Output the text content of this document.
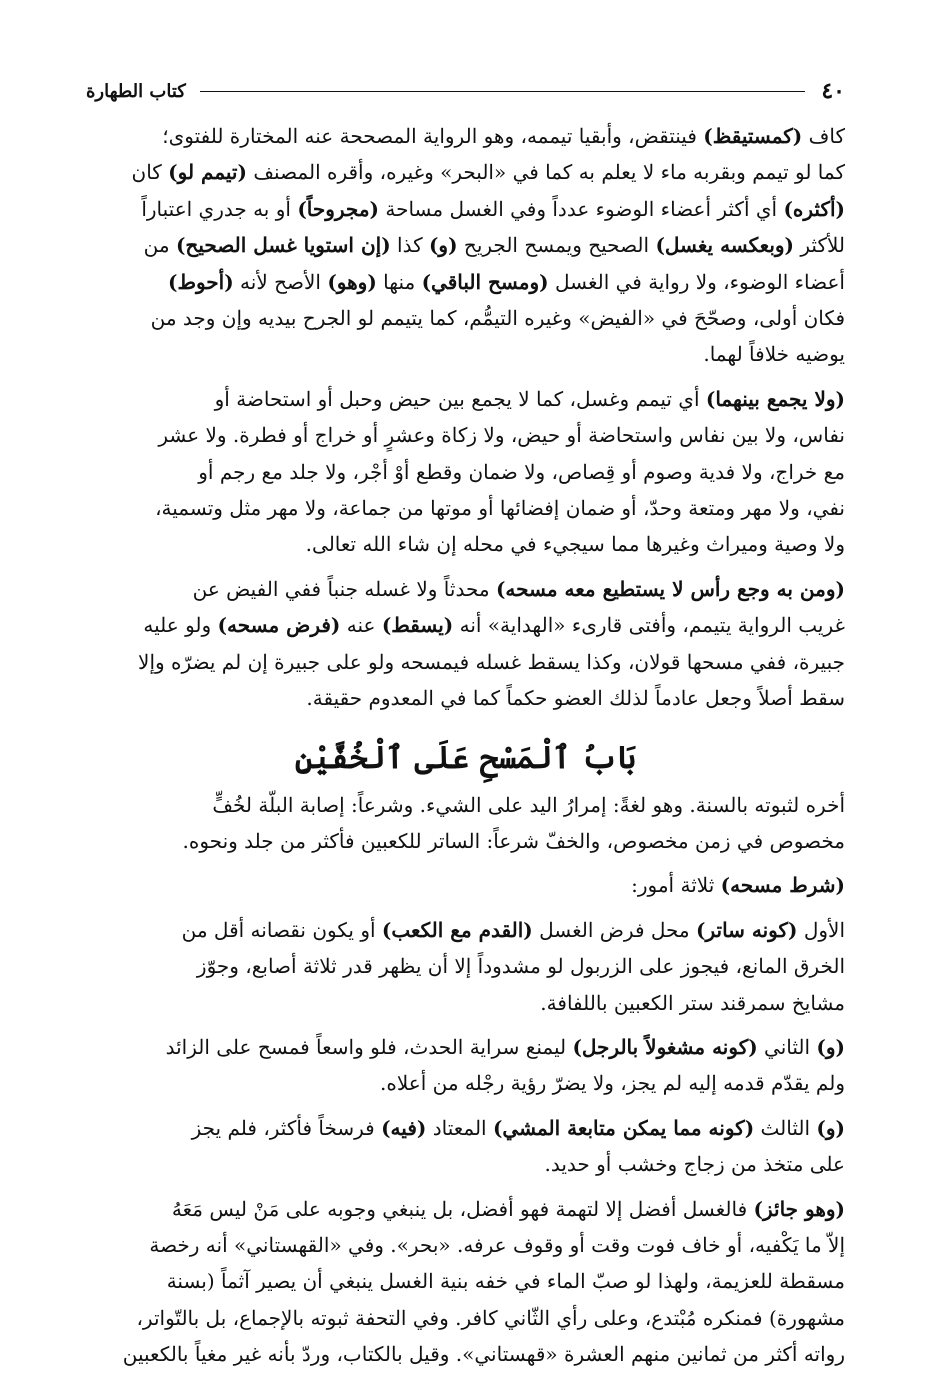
٤٠
كتاب الطهارة
كاف (كمستيقظ) فينتقض، وأبقيا تيممه، وهو الرواية المصححة عنه المختارة للفتوى؛
كما لو تيمم وبقربه ماء لا يعلم به كما في «البحر» وغيره، وأقره المصنف (تيمم لو) كان
(أكثره) أي أكثر أعضاء الوضوء عدداً وفي الغسل مساحة (مجروحاً) أو به جدري اعتباراً
للأكثر (وبعكسه يغسل) الصحيح ويمسح الجريح (و) كذا (إن استويا غسل الصحيح) من
أعضاء الوضوء، ولا رواية في الغسل (ومسح الباقي) منها (وهو) الأصح لأنه (أحوط)
فكان أولى، وصحّحَ في «الفيض» وغيره التيمُّم، كما يتيمم لو الجرح بيديه وإن وجد من
يوضيه خلافاً لهما.
(ولا يجمع بينهما) أي تيمم وغسل، كما لا يجمع بين حيض وحبل أو استحاضة أو
نفاس، ولا بين نفاس واستحاضة أو حيض، ولا زكاة وعشرٍ أو خراج أو فطرة. ولا عشر
مع خراج، ولا فدية وصوم أو قِصاص، ولا ضمان وقطع أوْ أجْر، ولا جلد مع رجم أو
نفي، ولا مهر ومتعة وحدّ، أو ضمان إفضائها أو موتها من جماعة، ولا مهر مثل وتسمية،
ولا وصية وميراث وغيرها مما سيجيء في محله إن شاء الله تعالى.
(ومن به وجع رأس لا يستطيع معه مسحه) محدثاً ولا غسله جنباً ففي الفيض عن
غريب الرواية يتيمم، وأفتى قارىء «الهداية» أنه (يسقط) عنه (فرض مسحه) ولو عليه
جبيرة، ففي مسحها قولان، وكذا يسقط غسله فيمسحه ولو على جبيرة إن لم يضرّه وإلا
سقط أصلاً وجعل عادماً لذلك العضو حكماً كما في المعدوم حقيقة.
بَابُ ٱلْمَسْحِ عَلَى ٱلْخُفَّيْنِ
أخره لثبوته بالسنة. وهو لغةً: إمرارُ اليد على الشيء. وشرعاً: إصابة البلّة لخُفٍّ
مخصوص في زمن مخصوص، والخفّ شرعاً: الساتر للكعبين فأكثر من جلد ونحوه.
(شرط مسحه) ثلاثة أمور:
الأول (كونه ساتر) محل فرض الغسل (القدم مع الكعب) أو يكون نقصانه أقل من
الخرق المانع، فيجوز على الزربول لو مشدوداً إلا أن يظهر قدر ثلاثة أصابع، وجوّز
مشايخ سمرقند ستر الكعبين باللفافة.
(و) الثاني (كونه مشغولاً بالرجل) ليمنع سراية الحدث، فلو واسعاً فمسح على الزائد
ولم يقدّم قدمه إليه لم يجز، ولا يضرّ رؤية رجْله من أعلاه.
(و) الثالث (كونه مما يمكن متابعة المشي) المعتاد (فيه) فرسخاً فأكثر، فلم يجز
على متخذ من زجاج وخشب أو حديد.
(وهو جائز) فالغسل أفضل إلا لتهمة فهو أفضل، بل ينبغي وجوبه على مَنْ ليس مَعَهُ
إلاّ ما يَكْفيه، أو خاف فوت وقت أو وقوف عرفه. «بحر». وفي «القهستاني» أنه رخصة
مسقطة للعزيمة، ولهذا لو صبّ الماء في خفه بنية الغسل ينبغي أن يصير آثماً (بسنة
مشهورة) فمنكره مُبْتدع، وعلى رأي الثّاني كافر. وفي التحفة ثبوته بالإجماع، بل بالتّواتر،
رواته أكثر من ثمانين منهم العشرة «قهستاني». وقيل بالكتاب، وردّ بأنه غير مغياً بالكعبين
